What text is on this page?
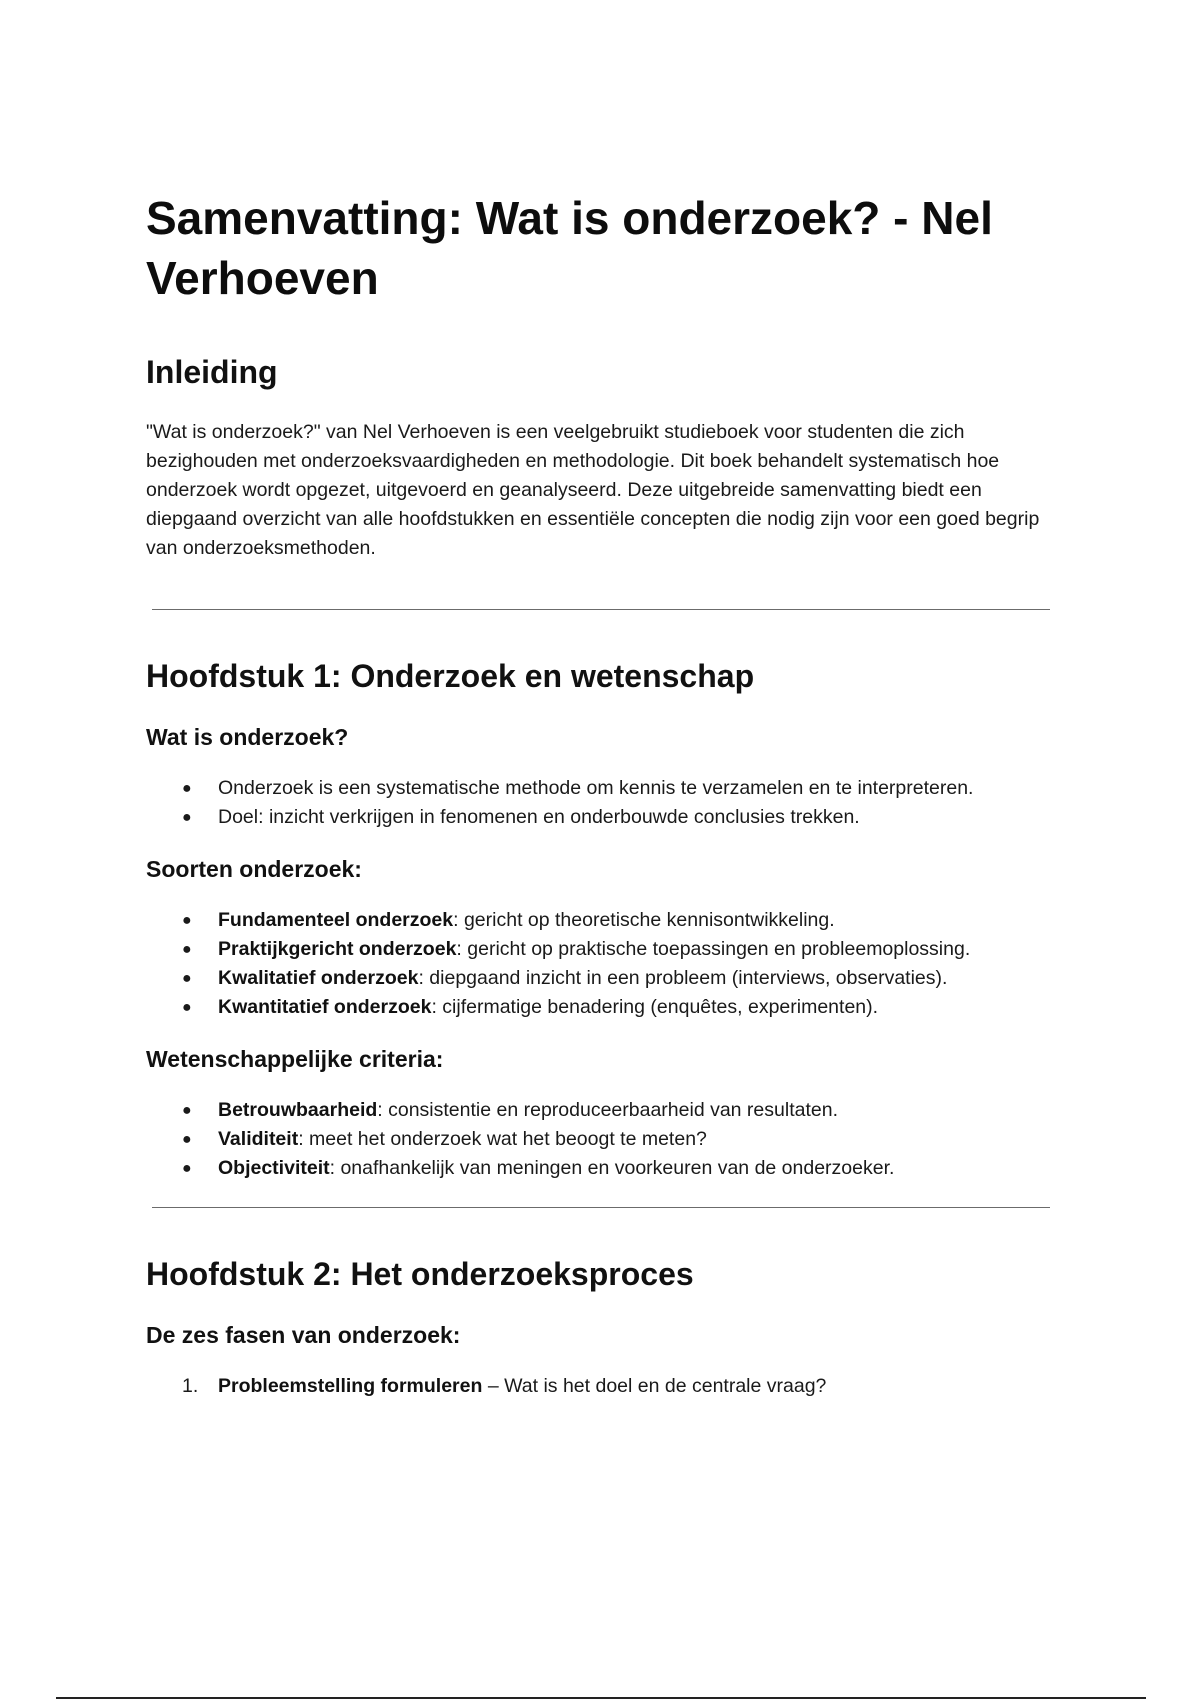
Samenvatting: Wat is onderzoek? - Nel Verhoeven
Inleiding

"Wat is onderzoek?" van Nel Verhoeven is een veelgebruikt studieboek voor studenten die zich bezighouden met onderzoeksvaardigheden en methodologie. Dit boek behandelt systematisch hoe onderzoek wordt opgezet, uitgevoerd en geanalyseerd. Deze uitgebreide samenvatting biedt een diepgaand overzicht van alle hoofdstukken en essentiële concepten die nodig zijn voor een goed begrip van onderzoeksmethoden.

Hoofdstuk 1: Onderzoek en wetenschap
Wat is onderzoek?
● Onderzoek is een systematische methode om kennis te verzamelen en te interpreteren.
● Doel: inzicht verkrijgen in fenomenen en onderbouwde conclusies trekken.
Soorten onderzoek:
● Fundamenteel onderzoek: gericht op theoretische kennisontwikkeling.
● Praktijkgericht onderzoek: gericht op praktische toepassingen en probleemoplossing.
● Kwalitatief onderzoek: diepgaand inzicht in een probleem (interviews, observaties).
● Kwantitatief onderzoek: cijfermatige benadering (enquêtes, experimenten).
Wetenschappelijke criteria:
● Betrouwbaarheid: consistentie en reproduceerbaarheid van resultaten.
● Validiteit: meet het onderzoek wat het beoogt te meten?
● Objectiviteit: onafhankelijk van meningen en voorkeuren van de onderzoeker.
Hoofdstuk 2: Het onderzoeksproces
De zes fasen van onderzoek:
1. Probleemstelling formuleren – Wat is het doel en de centrale vraag?
